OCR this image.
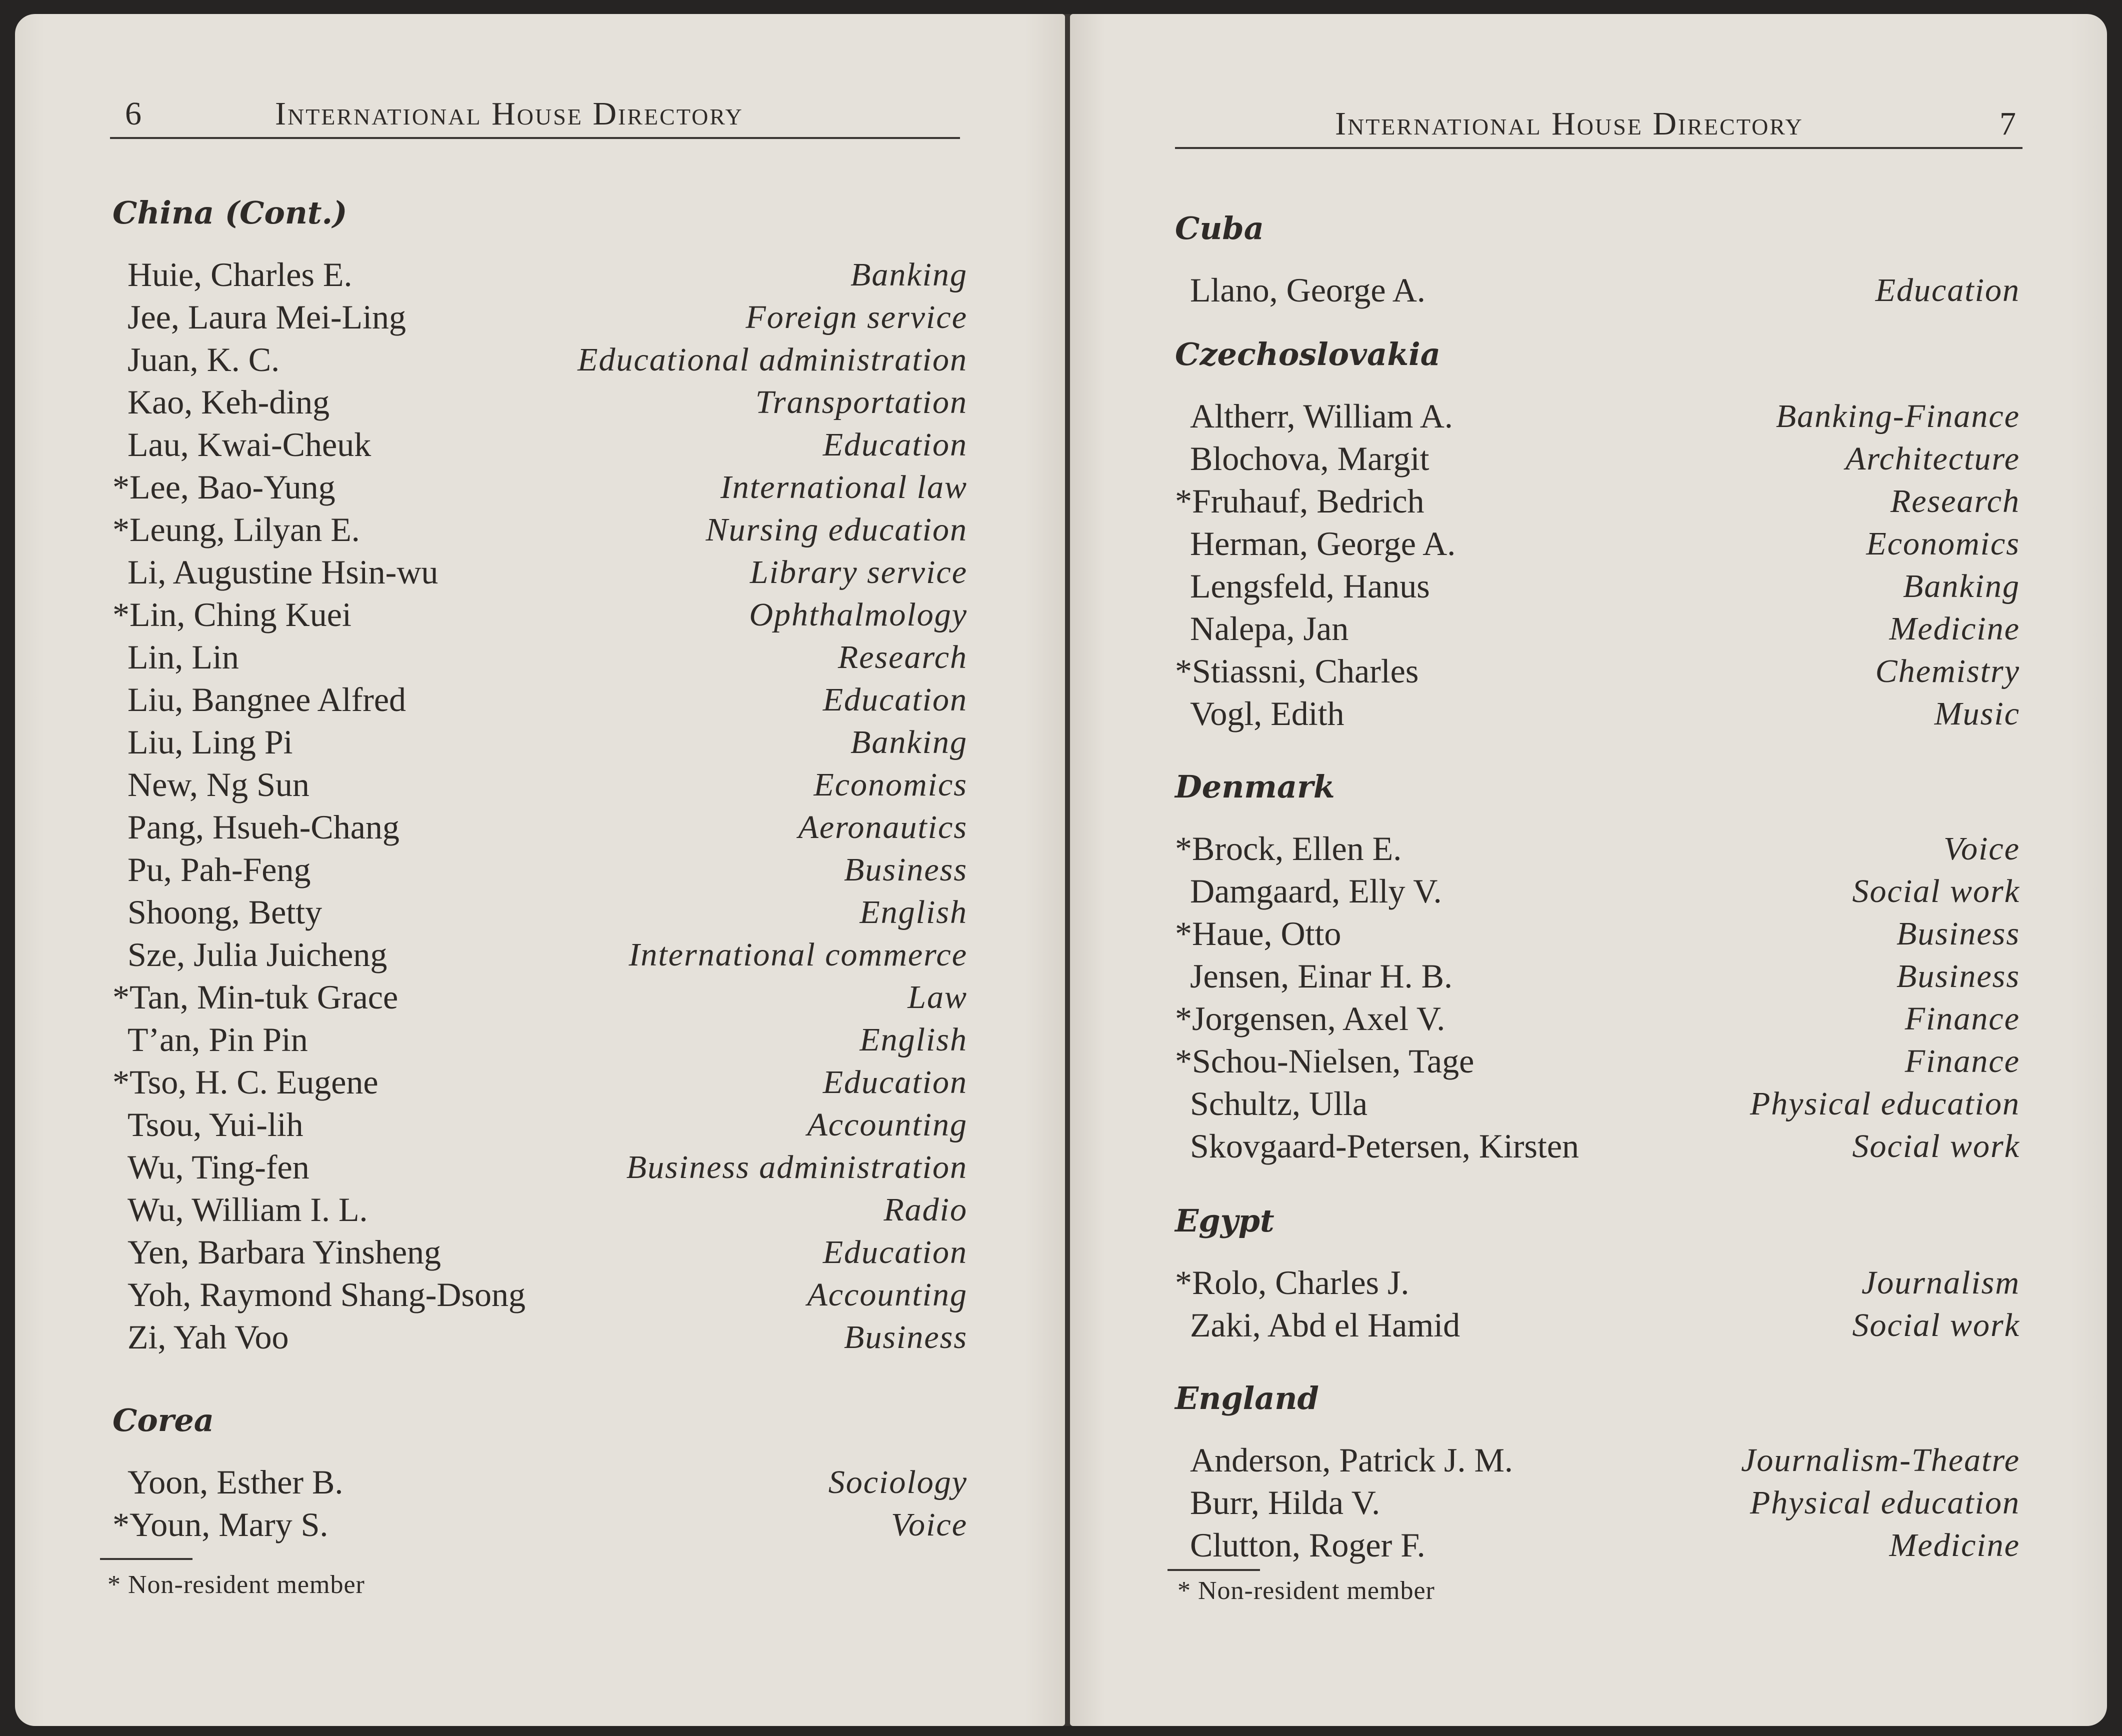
6	International House Directory
China (Cont.)
Huie, Charles E.	Banking
Jee, Laura Mei-Ling	Foreign service
Juan, K. C.	Educational administration
Kao, Keh-ding	Transportation
Lau, Kwai-Cheuk	Education
*Lee, Bao-Yung	International law
*Leung, Lilyan E.	Nursing education
Li, Augustine Hsin-wu	Library service
*Lin, Ching Kuei	Ophthalmology
Lin, Lin	Research
Liu, Bangnee Alfred	Education
Liu, Ling Pi	Banking
New, Ng Sun	Economics
Pang, Hsueh-Chang	Aeronautics
Pu, Pah-Feng	Business
Shoong, Betty	English
Sze, Julia Juicheng	International commerce
*Tan, Min-tuk Grace	Law
T’an, Pin Pin	English
*Tso, H. C. Eugene	Education
Tsou, Yui-lih	Accounting
Wu, Ting-fen	Business administration
Wu, William I. L.	Radio
Yen, Barbara Yinsheng	Education
Yoh, Raymond Shang-Dsong	Accounting
Zi, Yah Voo	Business
Corea
Yoon, Esther B.	Sociology
*Youn, Mary S.	Voice
* Non-resident member
International House Directory	7
Cuba
Llano, George A.	Education
Czechoslovakia
Altherr, William A.	Banking-Finance
Blochova, Margit	Architecture
*Fruhauf, Bedrich	Research
Herman, George A.	Economics
Lengsfeld, Hanus	Banking
Nalepa, Jan	Medicine
*Stiassni, Charles	Chemistry
Vogl, Edith	Music
Denmark
*Brock, Ellen E.	Voice
Damgaard, Elly V.	Social work
*Haue, Otto	Business
Jensen, Einar H. B.	Business
*Jorgensen, Axel V.	Finance
*Schou-Nielsen, Tage	Finance
Schultz, Ulla	Physical education
Skovgaard-Petersen, Kirsten	Social work
Egypt
*Rolo, Charles J.	Journalism
Zaki, Abd el Hamid	Social work
England
Anderson, Patrick J. M.	Journalism-Theatre
Burr, Hilda V.	Physical education
Clutton, Roger F.	Medicine
* Non-resident member
